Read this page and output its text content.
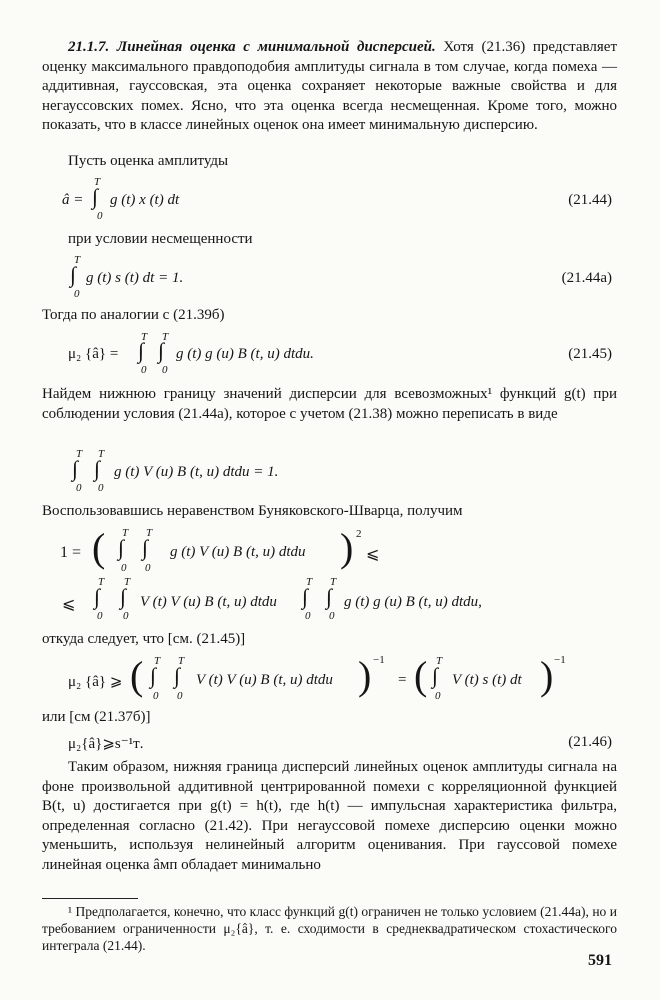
21.1.7. Линейная оценка с минимальной дисперсией. Хотя (21.36) представляет оценку максимального правдоподобия амплитуды сигнала в том случае, когда помеха — аддитивная, гауссовская, эта оценка сохраняет некоторые важные свойства и для негауссовских помех. Ясно, что эта оценка всегда несмещенная. Кроме того, можно показать, что в классе линейных оценок она имеет минимальную дисперсию.

Пусть оценка амплитуды

â =
T
∫
0
g (t) x (t) dt	(21.44)

при условии несмещенности

T
∫
0
g (t) s (t) dt = 1.	(21.44а)

Тогда по аналогии с (21.39б)

μ₂ {â} =
T
∫
0
T
∫
0
g (t) g (u) B (t, u) dtdu.	(21.45)

Найдем нижнюю границу значений дисперсии для всевозможных¹ функций g(t) при соблюдении условия (21.44а), которое с учетом (21.38) можно переписать в виде

T
∫
0
T
∫
0
g (t) V (u) B (t, u) dtdu = 1.

Воспользовавшись неравенством Буняковского-Шварца, получим

1 = ( T
∫
0
T
∫
0
g (t) V (u) B (t, u) dtdu ) 2
⩽
⩽
T
∫
0
T
∫
0
V (t) V (u) B (t, u) dtdu
T
∫
0
T
∫
0
g (t) g (u) B (t, u) dtdu,

откуда следует, что [см. (21.45)]

μ₂ {â} ⩾ ( T
∫
0
T
∫
0
V (t) V (u) B (t, u) dtdu ) −1
= ( T
∫
0
V (t) s (t) dt ) −1

или [см (21.37б)]

μ₂{â}⩾s⁻¹ᴛ.	(21.46)

Таким образом, нижняя граница дисперсий линейных оценок амплитуды сигнала на фоне произвольной аддитивной центрированной помехи с корреляционной функцией B(t, u) достигается при g(t) = h(t), где h(t) — импульсная характеристика фильтра, определенная согласно (21.42). При негауссовой помехе дисперсию оценки можно уменьшить, используя нелинейный алгоритм оценивания. При гауссовой помехе линейная оценка âмп обладает минимально

¹ Предполагается, конечно, что класс функций g(t) ограничен не только условием (21.44а), но и требованием ограниченности μ₂{â}, т. е. сходимости в среднеквадратическом стохастического интеграла (21.44).

591
